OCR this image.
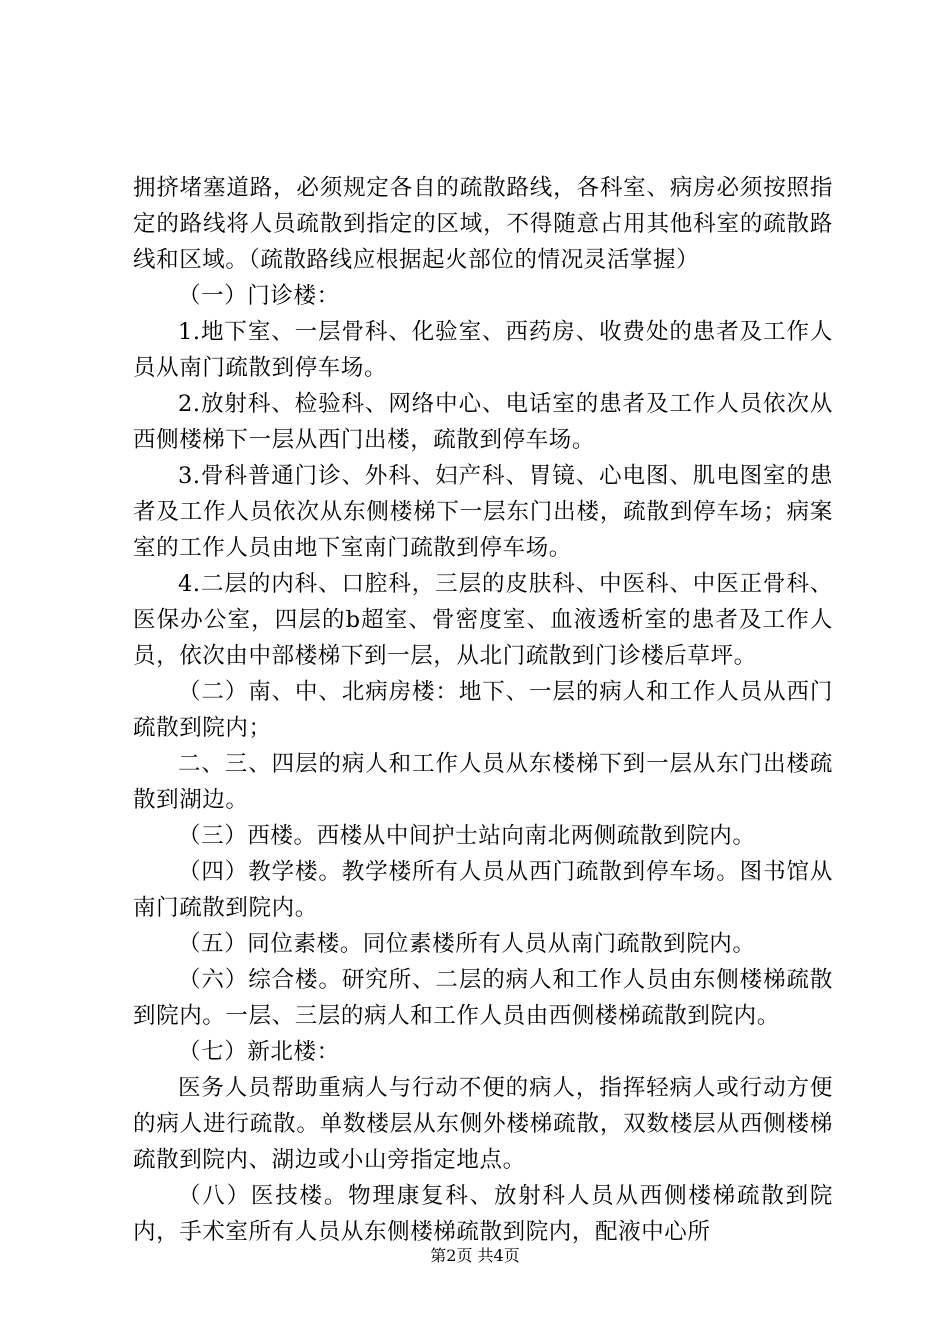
拥挤堵塞道路，必须规定各自的疏散路线，各科室、病房必须按照指定的路线将人员疏散到指定的区域，不得随意占用其他科室的疏散路线和区域。（疏散路线应根据起火部位的情况灵活掌握）

（一）门诊楼：

1.地下室、一层骨科、化验室、西药房、收费处的患者及工作人员从南门疏散到停车场。

2.放射科、检验科、网络中心、电话室的患者及工作人员依次从西侧楼梯下一层从西门出楼，疏散到停车场。

3.骨科普通门诊、外科、妇产科、胃镜、心电图、肌电图室的患者及工作人员依次从东侧楼梯下一层东门出楼，疏散到停车场；病案室的工作人员由地下室南门疏散到停车场。

4.二层的内科、口腔科，三层的皮肤科、中医科、中医正骨科、医保办公室，四层的b超室、骨密度室、血液透析室的患者及工作人员，依次由中部楼梯下到一层，从北门疏散到门诊楼后草坪。

（二）南、中、北病房楼：地下、一层的病人和工作人员从西门疏散到院内；

二、三、四层的病人和工作人员从东楼梯下到一层从东门出楼疏散到湖边。

（三）西楼。西楼从中间护士站向南北两侧疏散到院内。

（四）教学楼。教学楼所有人员从西门疏散到停车场。图书馆从南门疏散到院内。

（五）同位素楼。同位素楼所有人员从南门疏散到院内。

（六）综合楼。研究所、二层的病人和工作人员由东侧楼梯疏散到院内。一层、三层的病人和工作人员由西侧楼梯疏散到院内。

（七）新北楼：

医务人员帮助重病人与行动不便的病人，指挥轻病人或行动方便的病人进行疏散。单数楼层从东侧外楼梯疏散，双数楼层从西侧楼梯疏散到院内、湖边或小山旁指定地点。

（八）医技楼。物理康复科、放射科人员从西侧楼梯疏散到院内，手术室所有人员从东侧楼梯疏散到院内，配液中心所

第2页 共4页
